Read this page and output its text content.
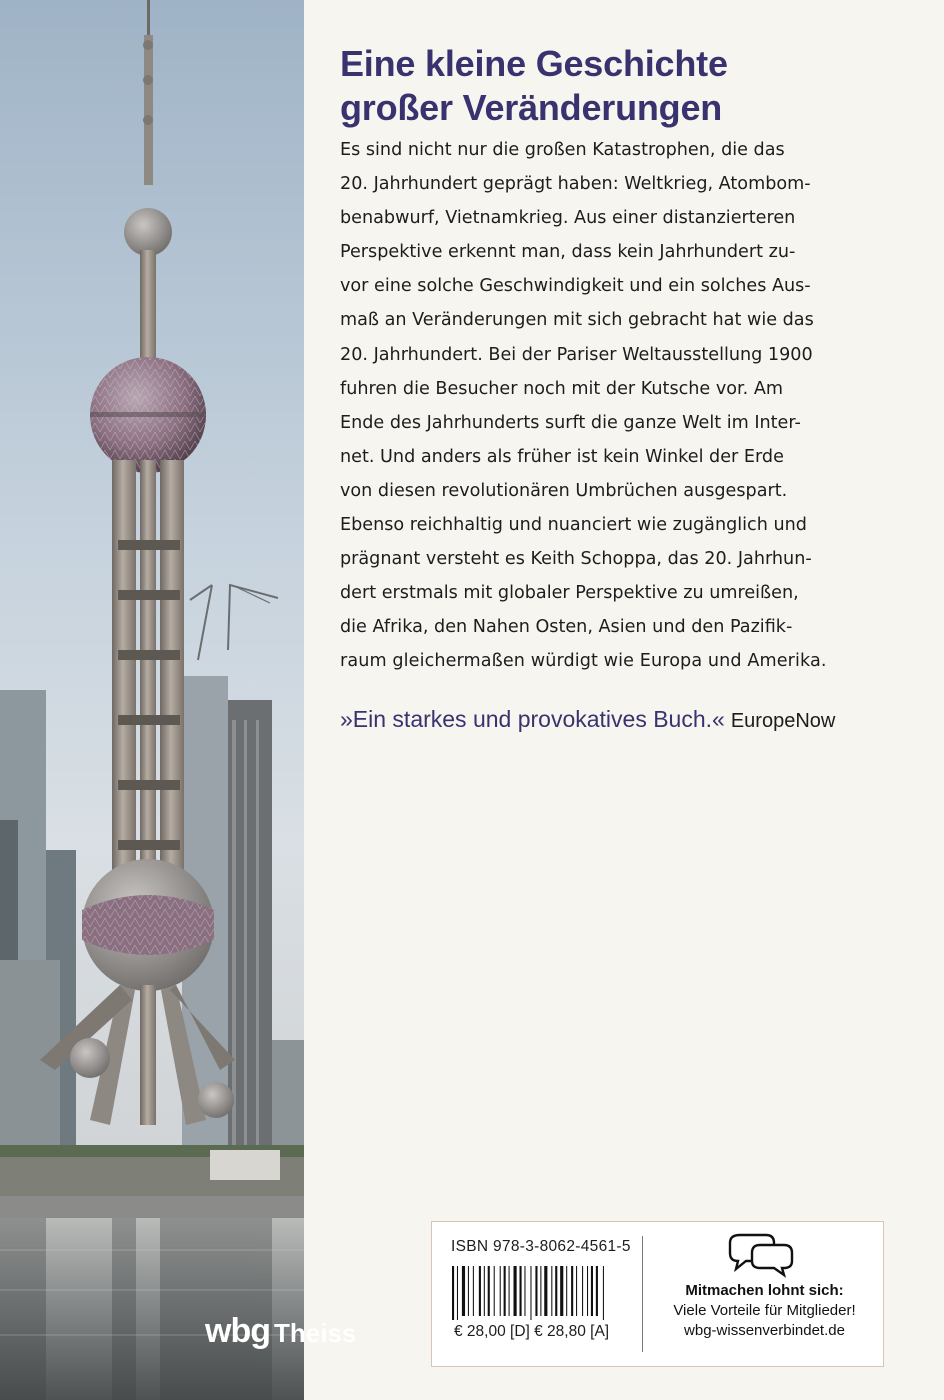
wbg Theiss
Eine kleine Geschichte
großer Veränderungen
Es sind nicht nur die großen Katastrophen, die das
20. Jahrhundert geprägt haben: Weltkrieg, Atombom-
benabwurf, Vietnamkrieg. Aus einer distanzierteren
Perspektive erkennt man, dass kein Jahrhundert zu-
vor eine solche Geschwindigkeit und ein solches Aus-
maß an Veränderungen mit sich gebracht hat wie das
20. Jahrhundert. Bei der Pariser Weltausstellung 1900
fuhren die Besucher noch mit der Kutsche vor. Am
Ende des Jahrhunderts surft die ganze Welt im Inter-
net. Und anders als früher ist kein Winkel der Erde
von diesen revolutionären Umbrüchen ausgespart.
Ebenso reichhaltig und nuanciert wie zugänglich und
prägnant versteht es Keith Schoppa, das 20. Jahrhun-
dert erstmals mit globaler Perspektive zu umreißen,
die Afrika, den Nahen Osten, Asien und den Pazifik-
raum gleichermaßen würdigt wie Europa und Amerika.
»Ein starkes und provokatives Buch.« EuropeNow
ISBN 978-3-8062-4561-5
€ 28,00 [D] € 28,80 [A]
Mitmachen lohnt sich:
Viele Vorteile für Mitglieder!
wbg-wissenverbindet.de
